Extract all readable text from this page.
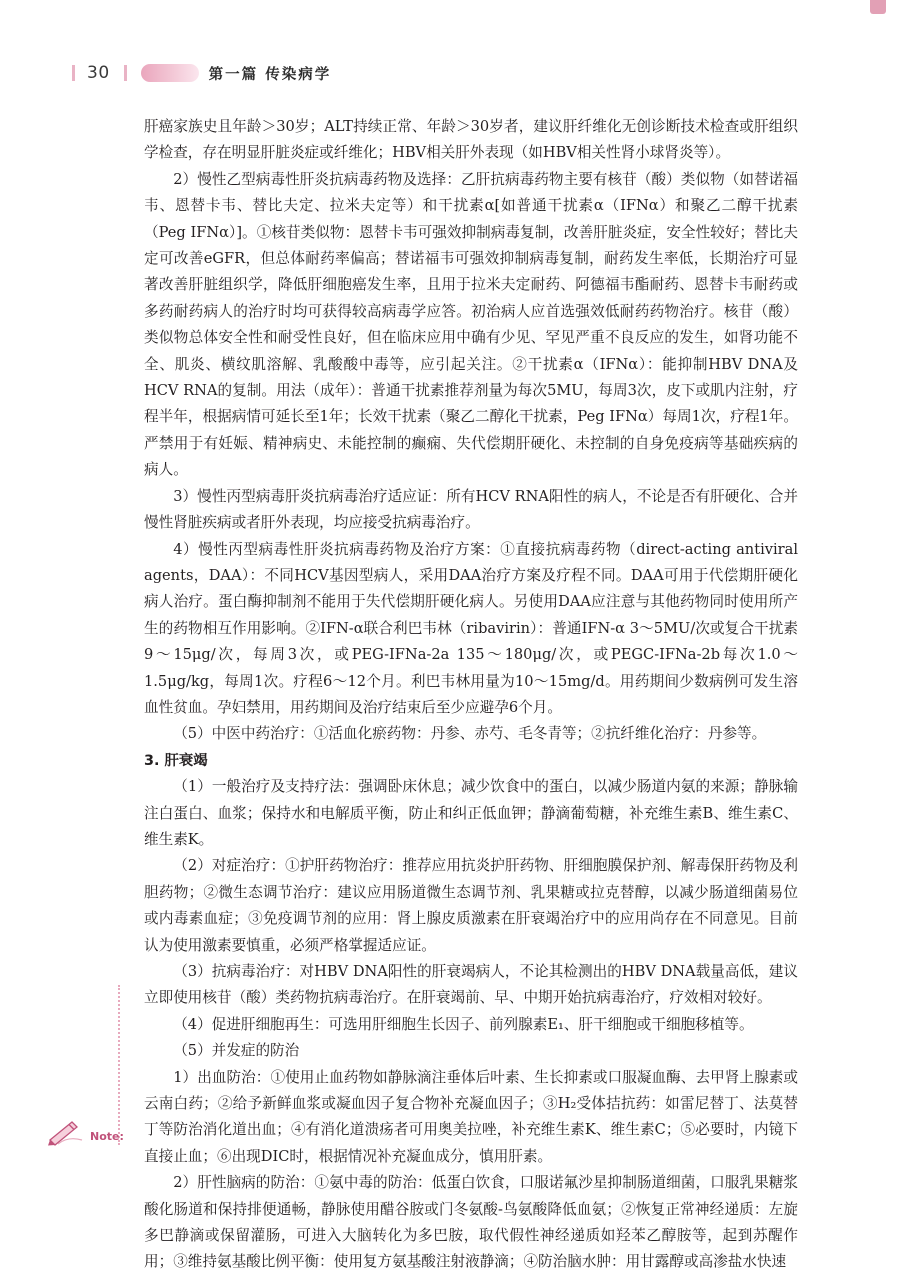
30	第一篇 传染病学

肝癌家族史且年龄＞30岁；ALT持续正常、年龄＞30岁者，建议肝纤维化无创诊断技术检查或肝组织学检查，存在明显肝脏炎症或纤维化；HBV相关肝外表现（如HBV相关性肾小球肾炎等）。

2）慢性乙型病毒性肝炎抗病毒药物及选择：乙肝抗病毒药物主要有核苷（酸）类似物（如替诺福韦、恩替卡韦、替比夫定、拉米夫定等）和干扰素α[如普通干扰素α（IFNα）和聚乙二醇干扰素（Peg IFNα）]。①核苷类似物：恩替卡韦可强效抑制病毒复制，改善肝脏炎症，安全性较好；替比夫定可改善eGFR，但总体耐药率偏高；替诺福韦可强效抑制病毒复制，耐药发生率低，长期治疗可显著改善肝脏组织学，降低肝细胞癌发生率，且用于拉米夫定耐药、阿德福韦酯耐药、恩替卡韦耐药或多药耐药病人的治疗时均可获得较高病毒学应答。初治病人应首选强效低耐药药物治疗。核苷（酸）类似物总体安全性和耐受性良好，但在临床应用中确有少见、罕见严重不良反应的发生，如肾功能不全、肌炎、横纹肌溶解、乳酸酸中毒等，应引起关注。②干扰素α（IFNα）：能抑制HBV DNA及HCV RNA的复制。用法（成年）：普通干扰素推荐剂量为每次5MU，每周3次，皮下或肌内注射，疗程半年，根据病情可延长至1年；长效干扰素（聚乙二醇化干扰素，Peg IFNα）每周1次，疗程1年。严禁用于有妊娠、精神病史、未能控制的癫痫、失代偿期肝硬化、未控制的自身免疫病等基础疾病的病人。

3）慢性丙型病毒肝炎抗病毒治疗适应证：所有HCV RNA阳性的病人，不论是否有肝硬化、合并慢性肾脏疾病或者肝外表现，均应接受抗病毒治疗。

4）慢性丙型病毒性肝炎抗病毒药物及治疗方案：①直接抗病毒药物（direct-acting antiviral agents，DAA）：不同HCV基因型病人，采用DAA治疗方案及疗程不同。DAA可用于代偿期肝硬化病人治疗。蛋白酶抑制剂不能用于失代偿期肝硬化病人。另使用DAA应注意与其他药物同时使用所产生的药物相互作用影响。②IFN-α联合利巴韦林（ribavirin）：普通IFN-α 3～5MU/次或复合干扰素9～15μg/次，每周3次，或PEG-IFNa-2a 135～180μg/次，或PEGC-IFNa-2b每次1.0～1.5μg/kg，每周1次。疗程6～12个月。利巴韦林用量为10～15mg/d。用药期间少数病例可发生溶血性贫血。孕妇禁用，用药期间及治疗结束后至少应避孕6个月。

（5）中医中药治疗：①活血化瘀药物：丹参、赤芍、毛冬青等；②抗纤维化治疗：丹参等。

3. 肝衰竭

（1）一般治疗及支持疗法：强调卧床休息；减少饮食中的蛋白，以减少肠道内氨的来源；静脉输注白蛋白、血浆；保持水和电解质平衡，防止和纠正低血钾；静滴葡萄糖，补充维生素B、维生素C、维生素K。

（2）对症治疗：①护肝药物治疗：推荐应用抗炎护肝药物、肝细胞膜保护剂、解毒保肝药物及利胆药物；②微生态调节治疗：建议应用肠道微生态调节剂、乳果糖或拉克替醇，以减少肠道细菌易位或内毒素血症；③免疫调节剂的应用：肾上腺皮质激素在肝衰竭治疗中的应用尚存在不同意见。目前认为使用激素要慎重，必须严格掌握适应证。

（3）抗病毒治疗：对HBV DNA阳性的肝衰竭病人，不论其检测出的HBV DNA载量高低，建议立即使用核苷（酸）类药物抗病毒治疗。在肝衰竭前、早、中期开始抗病毒治疗，疗效相对较好。

（4）促进肝细胞再生：可选用肝细胞生长因子、前列腺素E₁、肝干细胞或干细胞移植等。

（5）并发症的防治

1）出血防治：①使用止血药物如静脉滴注垂体后叶素、生长抑素或口服凝血酶、去甲肾上腺素或云南白药；②给予新鲜血浆或凝血因子复合物补充凝血因子；③H₂受体拮抗药：如雷尼替丁、法莫替丁等防治消化道出血；④有消化道溃疡者可用奥美拉唑，补充维生素K、维生素C；⑤必要时，内镜下直接止血；⑥出现DIC时，根据情况补充凝血成分，慎用肝素。

2）肝性脑病的防治：①氨中毒的防治：低蛋白饮食，口服诺氟沙星抑制肠道细菌，口服乳果糖浆酸化肠道和保持排便通畅，静脉使用醋谷胺或门冬氨酸-鸟氨酸降低血氨；②恢复正常神经递质：左旋多巴静滴或保留灌肠，可进入大脑转化为多巴胺，取代假性神经递质如羟苯乙醇胺等，起到苏醒作用；③维持氨基酸比例平衡：使用复方氨基酸注射液静滴；④防治脑水肿：用甘露醇或高渗盐水快速

Note:
